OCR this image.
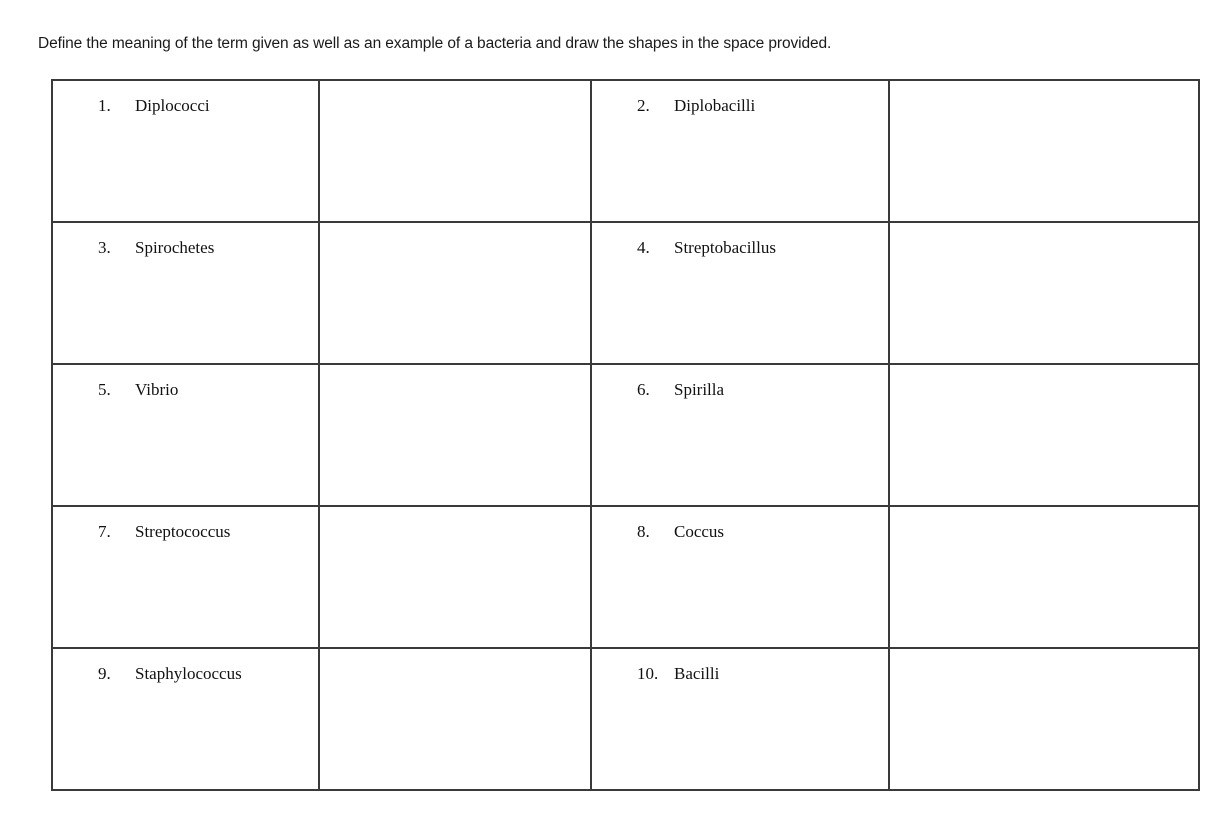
Define the meaning of the term given as well as an example of a bacteria and draw the shapes in the space provided.
1. Diplococci		2. Diplobacilli	

3. Spirochetes		4. Streptobacillus	

5. Vibrio		6. Spirilla	

7. Streptococcus		8. Coccus	

9. Staphylococcus		10. Bacilli	
